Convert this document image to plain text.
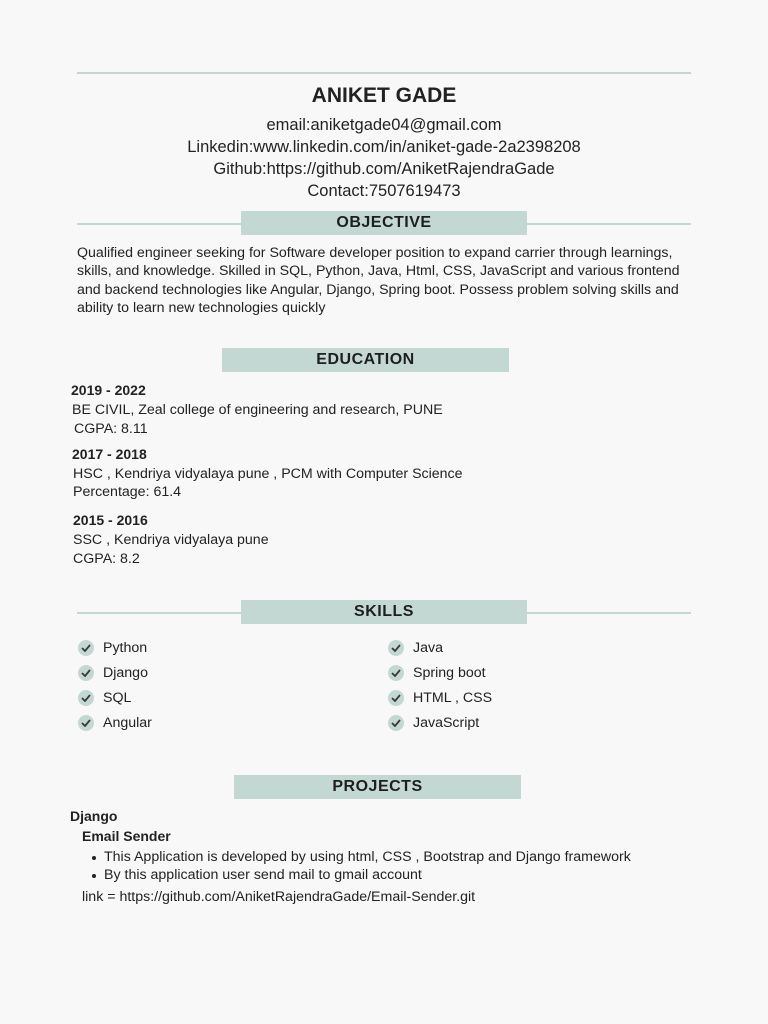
ANIKET GADE
email:aniketgade04@gmail.com
Linkedin:www.linkedin.com/in/aniket-gade-2a2398208
Github:https://github.com/AniketRajendraGade
Contact:7507619473
OBJECTIVE
Qualified engineer seeking for Software developer position to expand carrier through learnings,
skills, and knowledge. Skilled in SQL, Python, Java, Html, CSS, JavaScript and various frontend
and backend technologies like Angular, Django, Spring boot. Possess problem solving skills and
ability to learn new technologies quickly
EDUCATION
2019 - 2022
BE CIVIL, Zeal college of engineering and research, PUNE
CGPA: 8.11
2017 - 2018
HSC , Kendriya vidyalaya pune , PCM with Computer Science
Percentage: 61.4
2015 - 2016
SSC , Kendriya vidyalaya pune
CGPA: 8.2
SKILLS
Python
Django
SQL
Angular
Java
Spring boot
HTML , CSS
JavaScript
PROJECTS
Django
Email Sender
This Application is developed by using html, CSS , Bootstrap and Django framework
By this application user send mail to gmail account
link = https://github.com/AniketRajendraGade/Email-Sender.git
